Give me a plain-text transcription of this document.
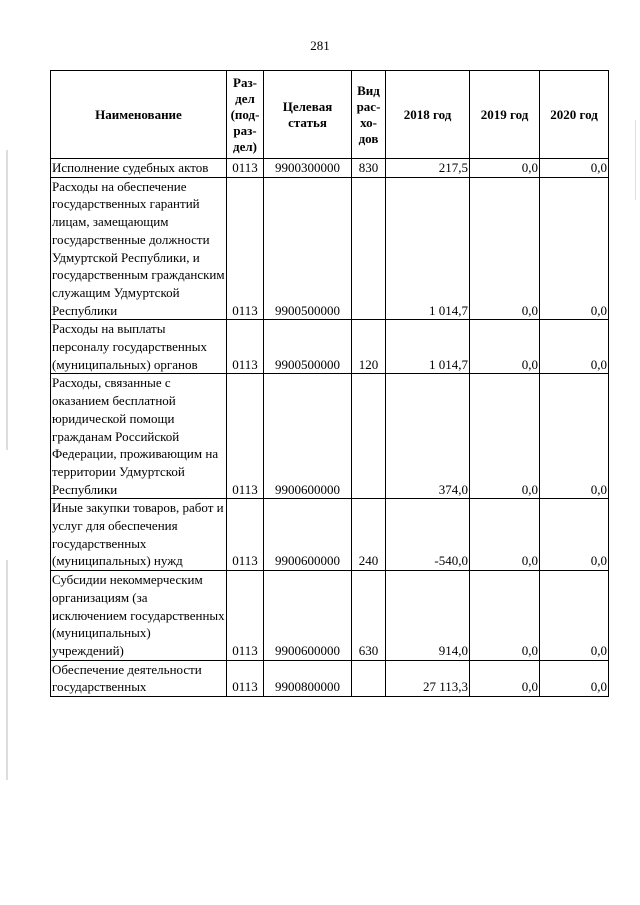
281
Наименование	Раз-
дел
(под-
раз-
дел)	Целевая
статья	Вид
рас-
хо-
дов	2018 год	2019 год	2020 год
Исполнение судебных актов	0113	9900300000	830	217,5	0,0	0,0
Расходы на обеспечение государственных гарантий лицам, замещающим государственные должности Удмуртской Республики, и государственным гражданским служащим Удмуртской Республики	0113	9900500000		1 014,7	0,0	0,0
Расходы на выплаты персоналу государственных (муниципальных) органов	0113	9900500000	120	1 014,7	0,0	0,0
Расходы, связанные с оказанием бесплатной юридической помощи гражданам Российской Федерации, проживающим на территории Удмуртской Республики	0113	9900600000		374,0	0,0	0,0
Иные закупки товаров, работ и услуг для обеспечения государственных (муниципальных) нужд	0113	9900600000	240	-540,0	0,0	0,0
Субсидии некоммерческим организациям (за исключением государственных (муниципальных) учреждений)	0113	9900600000	630	914,0	0,0	0,0
Обеспечение деятельности государственных	0113	9900800000		27 113,3	0,0	0,0
